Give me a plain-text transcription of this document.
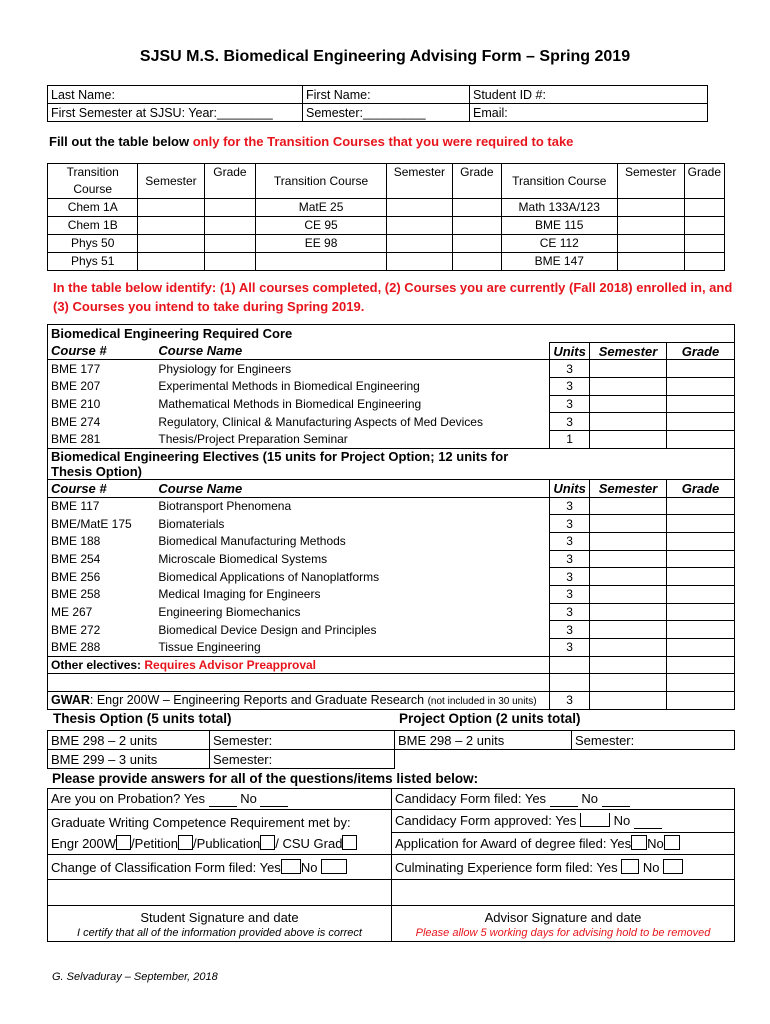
SJSU M.S. Biomedical Engineering Advising Form – Spring 2019
Last Name:	First Name:	Student ID #:
First Semester at SJSU: Year:________	Semester:_________	Email:
Fill out the table below only for the Transition Courses that you were required to take
Transition Course	Semester	Grade	Transition Course	Semester	Grade	Transition Course	Semester	Grade
Chem 1A			MatE 25			Math 133A/123		
Chem 1B			CE 95			BME 115		
Phys 50			EE 98			CE 112		
Phys 51						BME 147		
In the table below identify: (1) All courses completed, (2) Courses you are currently (Fall 2018) enrolled in, and (3) Courses you intend to take during Spring 2019.
Biomedical Engineering Required Core				
Course #	Course Name	Units	Semester	Grade
BME 177	Physiology for Engineers	3		
BME 207	Experimental Methods in Biomedical Engineering	3		
BME 210	Mathematical Methods in Biomedical Engineering	3		
BME 274	Regulatory, Clinical & Manufacturing Aspects of Med Devices	3		
BME 281	Thesis/Project Preparation Seminar	1		
Biomedical Engineering Electives (15 units for Project Option; 12 units for Thesis Option)				
Course #	Course Name	Units	Semester	Grade
BME 117	Biotransport Phenomena	3		
BME/MatE 175	Biomaterials	3		
BME 188	Biomedical Manufacturing Methods	3		
BME 254	Microscale Biomedical Systems	3		
BME 256	Biomedical Applications of Nanoplatforms	3		
BME 258	Medical Imaging for Engineers	3		
ME 267	Engineering Biomechanics	3		
BME 272	Biomedical Device Design and Principles	3		
BME 288	Tissue Engineering	3		
Other electives: Requires Advisor Preapproval				

GWAR: Engr 200W – Engineering Reports and Graduate Research (not included in 30 units)		3		
Thesis Option (5 units total)	Project Option (2 units total)
BME 298 – 2 units	Semester:	BME 298 – 2 units	Semester:
BME 299 – 3 units	Semester:		
Please provide answers for all of the questions/items listed below:
Are you on Probation? Yes No	Candidacy Form filed: Yes No

Graduate Writing Competence Requirement met by:
Engr 200W /Petition /Publication / CSU Grad	Candidacy Form approved: Yes No
	Application for Award of degree filed: Yes No
Change of Classification Form filed: Yes No	Culminating Experience form filed: Yes No

Student Signature and date	Advisor Signature and date
I certify that all of the information provided above is correct	Please allow 5 working days for advising hold to be removed
G. Selvaduray – September, 2018
